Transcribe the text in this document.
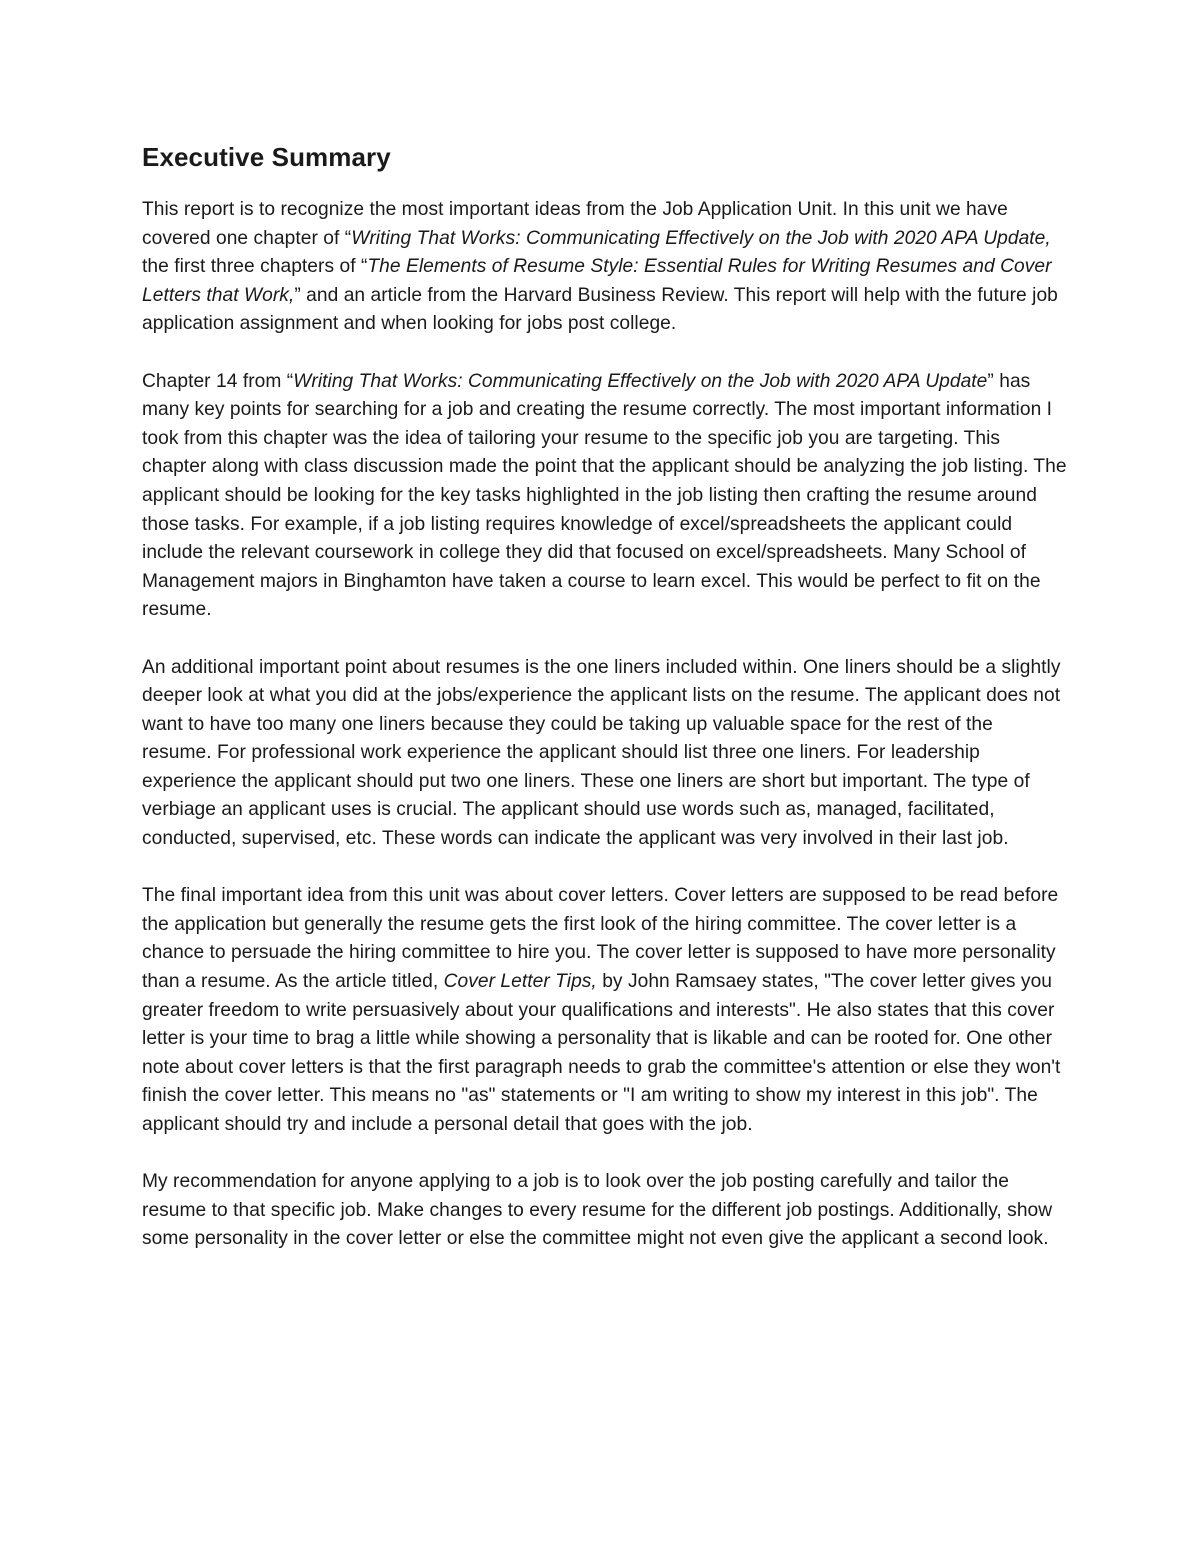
Executive Summary

This report is to recognize the most important ideas from the Job Application Unit. In this unit we have covered one chapter of “Writing That Works: Communicating Effectively on the Job with 2020 APA Update, the first three chapters of “The Elements of Resume Style: Essential Rules for Writing Resumes and Cover Letters that Work,” and an article from the Harvard Business Review. This report will help with the future job application assignment and when looking for jobs post college.

Chapter 14 from “Writing That Works: Communicating Effectively on the Job with 2020 APA Update” has many key points for searching for a job and creating the resume correctly. The most important information I took from this chapter was the idea of tailoring your resume to the specific job you are targeting. This chapter along with class discussion made the point that the applicant should be analyzing the job listing. The applicant should be looking for the key tasks highlighted in the job listing then crafting the resume around those tasks. For example, if a job listing requires knowledge of excel/spreadsheets the applicant could include the relevant coursework in college they did that focused on excel/spreadsheets. Many School of Management majors in Binghamton have taken a course to learn excel. This would be perfect to fit on the resume.

An additional important point about resumes is the one liners included within. One liners should be a slightly deeper look at what you did at the jobs/experience the applicant lists on the resume. The applicant does not want to have too many one liners because they could be taking up valuable space for the rest of the resume. For professional work experience the applicant should list three one liners. For leadership experience the applicant should put two one liners. These one liners are short but important. The type of verbiage an applicant uses is crucial. The applicant should use words such as, managed, facilitated, conducted, supervised, etc. These words can indicate the applicant was very involved in their last job.

The final important idea from this unit was about cover letters. Cover letters are supposed to be read before the application but generally the resume gets the first look of the hiring committee. The cover letter is a chance to persuade the hiring committee to hire you. The cover letter is supposed to have more personality than a resume. As the article titled, Cover Letter Tips, by John Ramsaey states, "The cover letter gives you greater freedom to write persuasively about your qualifications and interests". He also states that this cover letter is your time to brag a little while showing a personality that is likable and can be rooted for. One other note about cover letters is that the first paragraph needs to grab the committee's attention or else they won't finish the cover letter. This means no "as" statements or "I am writing to show my interest in this job". The applicant should try and include a personal detail that goes with the job.

My recommendation for anyone applying to a job is to look over the job posting carefully and tailor the resume to that specific job. Make changes to every resume for the different job postings. Additionally, show some personality in the cover letter or else the committee might not even give the applicant a second look.
